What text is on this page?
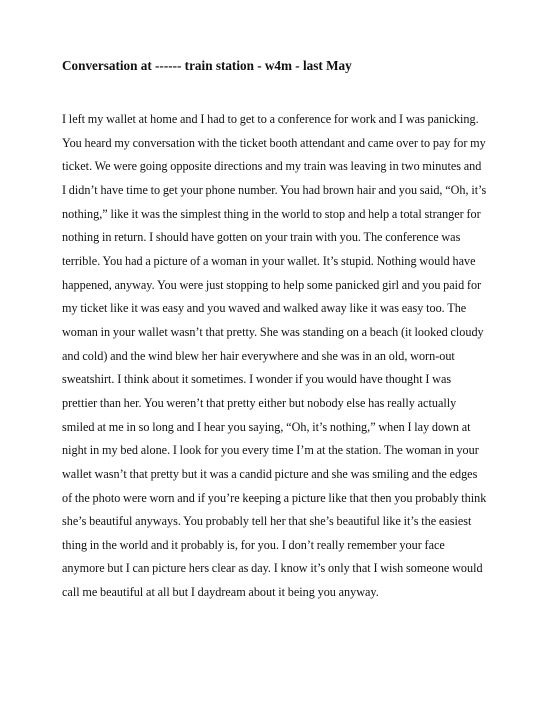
Conversation at ------ train station - w4m - last May

I left my wallet at home and I had to get to a conference for work and I was panicking. You heard my conversation with the ticket booth attendant and came over to pay for my ticket. We were going opposite directions and my train was leaving in two minutes and I didn’t have time to get your phone number. You had brown hair and you said, “Oh, it’s nothing,” like it was the simplest thing in the world to stop and help a total stranger for nothing in return. I should have gotten on your train with you. The conference was terrible. You had a picture of a woman in your wallet. It’s stupid. Nothing would have happened, anyway. You were just stopping to help some panicked girl and you paid for my ticket like it was easy and you waved and walked away like it was easy too. The woman in your wallet wasn’t that pretty. She was standing on a beach (it looked cloudy and cold) and the wind blew her hair everywhere and she was in an old, worn-out sweatshirt. I think about it sometimes. I wonder if you would have thought I was prettier than her. You weren’t that pretty either but nobody else has really actually smiled at me in so long and I hear you saying, “Oh, it’s nothing,” when I lay down at night in my bed alone. I look for you every time I’m at the station. The woman in your wallet wasn’t that pretty but it was a candid picture and she was smiling and the edges of the photo were worn and if you’re keeping a picture like that then you probably think she’s beautiful anyways. You probably tell her that she’s beautiful like it’s the easiest thing in the world and it probably is, for you. I don’t really remember your face anymore but I can picture hers clear as day. I know it’s only that I wish someone would call me beautiful at all but I daydream about it being you anyway.
